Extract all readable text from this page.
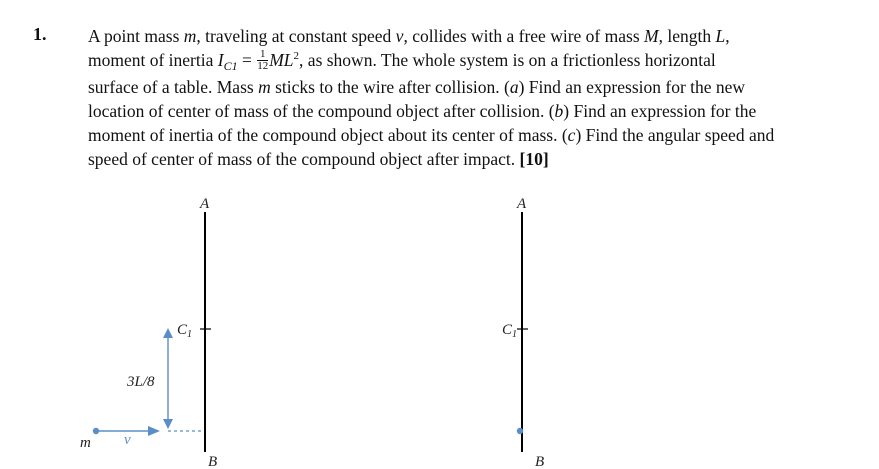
1. A point mass m, traveling at constant speed v, collides with a free wire of mass M, length L,

moment of inertia $I_{C1} = \frac{1}{12} ML^2$, as shown. The whole system is on a frictionless horizontal

surface of a table. Mass m sticks to the wire after collision. (a) Find an expression for the new

location of center of mass of the compound object after collision. (b) Find an expression for the

moment of inertia of the compound object about its center of mass. (c) Find the angular speed and

speed of center of mass of the compound object after impact. [10]

A
B
$C_1$
3L/8
m v
A
B
$C_1$
